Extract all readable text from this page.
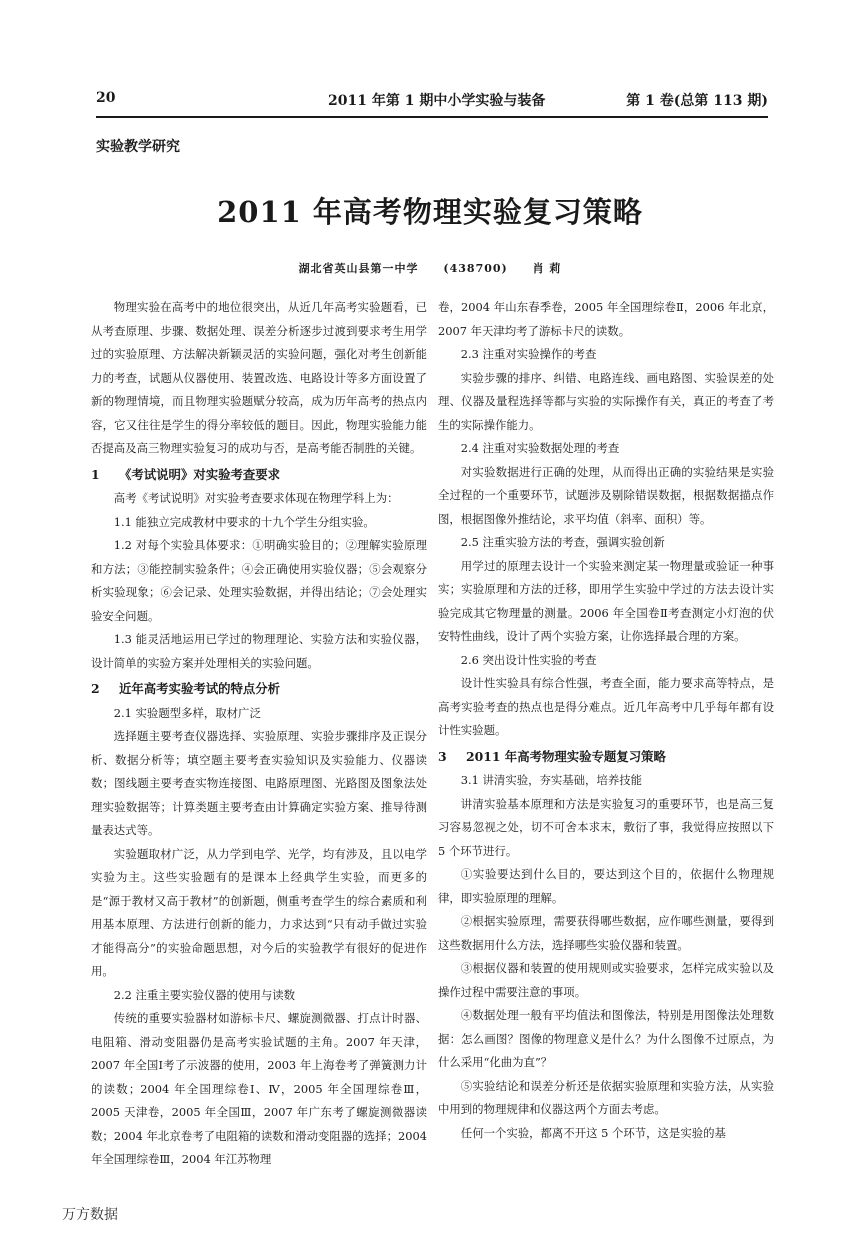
20	2011 年第 1 期中小学实验与装备	第 1 卷(总第 113 期)
实验教学研究
2011 年高考物理实验复习策略
湖北省英山县第一中学 (438700) 肖 莉
物理实验在高考中的地位很突出，从近几年高考实验题看，已从考查原理、步骤、数据处理、误差分析逐步过渡到要求考生用学过的实验原理、方法解决新颖灵活的实验问题，强化对考生创新能力的考查，试题从仪器使用、装置改选、电路设计等多方面设置了新的物理情境，而且物理实验题赋分较高，成为历年高考的热点内容，它又往往是学生的得分率较低的题目。因此，物理实验能力能否提高及高三物理实验复习的成功与否，是高考能否制胜的关键。
1 《考试说明》对实验考查要求
高考《考试说明》对实验考查要求体现在物理学科上为：
1.1 能独立完成教材中要求的十九个学生分组实验。
1.2 对每个实验具体要求：①明确实验目的；②理解实验原理和方法；③能控制实验条件；④会正确使用实验仪器；⑤会观察分析实验现象；⑥会记录、处理实验数据，并得出结论；⑦会处理实验安全问题。
1.3 能灵活地运用已学过的物理理论、实验方法和实验仪器，设计简单的实验方案并处理相关的实验问题。
2 近年高考实验考试的特点分析
2.1 实验题型多样，取材广泛
选择题主要考查仪器选择、实验原理、实验步骤排序及正误分析、数据分析等；填空题主要考查实验知识及实验能力、仪器读数；图线题主要考查实物连接图、电路原理图、光路图及图象法处理实验数据等；计算类题主要考查由计算确定实验方案、推导待测量表达式等。
实验题取材广泛，从力学到电学、光学，均有涉及，且以电学实验为主。这些实验题有的是课本上经典学生实验，而更多的是“源于教材又高于教材”的创新题，侧重考查学生的综合素质和利用基本原理、方法进行创新的能力，力求达到“只有动手做过实验才能得高分”的实验命题思想，对今后的实验教学有很好的促进作用。
2.2 注重主要实验仪器的使用与读数
传统的重要实验器材如游标卡尺、螺旋测微器、打点计时器、电阻箱、滑动变阻器仍是高考实验试题的主角。2007 年天津，2007 年全国Ⅰ考了示波器的使用，2003 年上海卷考了弹簧测力计的读数；2004 年全国理综卷Ⅰ、Ⅳ，2005 年全国理综卷Ⅲ，2005 天津卷，2005 年全国Ⅲ，2007 年广东考了螺旋测微器读数；2004 年北京卷考了电阻箱的读数和滑动变阻器的选择；2004 年全国理综卷Ⅲ，2004 年江苏物理
卷，2004 年山东春季卷，2005 年全国理综卷Ⅱ，2006 年北京，2007 年天津均考了游标卡尺的读数。
2.3 注重对实验操作的考查
实验步骤的排序、纠错、电路连线、画电路图、实验误差的处理、仪器及量程选择等都与实验的实际操作有关，真正的考查了考生的实际操作能力。
2.4 注重对实验数据处理的考查
对实验数据进行正确的处理，从而得出正确的实验结果是实验全过程的一个重要环节，试题涉及剔除错误数据，根据数据描点作图，根据图像外推结论，求平均值（斜率、面积）等。
2.5 注重实验方法的考查，强调实验创新
用学过的原理去设计一个实验来测定某一物理量或验证一种事实；实验原理和方法的迁移，即用学生实验中学过的方法去设计实验完成其它物理量的测量。2006 年全国卷Ⅱ考查测定小灯泡的伏安特性曲线，设计了两个实验方案，让你选择最合理的方案。
2.6 突出设计性实验的考查
设计性实验具有综合性强，考查全面，能力要求高等特点，是高考实验考查的热点也是得分难点。近几年高考中几乎每年都有设计性实验题。
3 2011 年高考物理实验专题复习策略
3.1 讲清实验，夯实基础，培养技能
讲清实验基本原理和方法是实验复习的重要环节，也是高三复习容易忽视之处，切不可舍本求末，敷衍了事，我觉得应按照以下 5 个环节进行。
①实验要达到什么目的，要达到这个目的，依据什么物理规律，即实验原理的理解。
②根据实验原理，需要获得哪些数据，应作哪些测量，要得到这些数据用什么方法，选择哪些实验仪器和装置。
③根据仪器和装置的使用规则或实验要求，怎样完成实验以及操作过程中需要注意的事项。
④数据处理一般有平均值法和图像法，特别是用图像法处理数据：怎么画图？图像的物理意义是什么？为什么图像不过原点，为什么采用“化曲为直”？
⑤实验结论和误差分析还是依据实验原理和实验方法，从实验中用到的物理规律和仪器这两个方面去考虑。
任何一个实验，都离不开这 5 个环节，这是实验的基
万方数据
